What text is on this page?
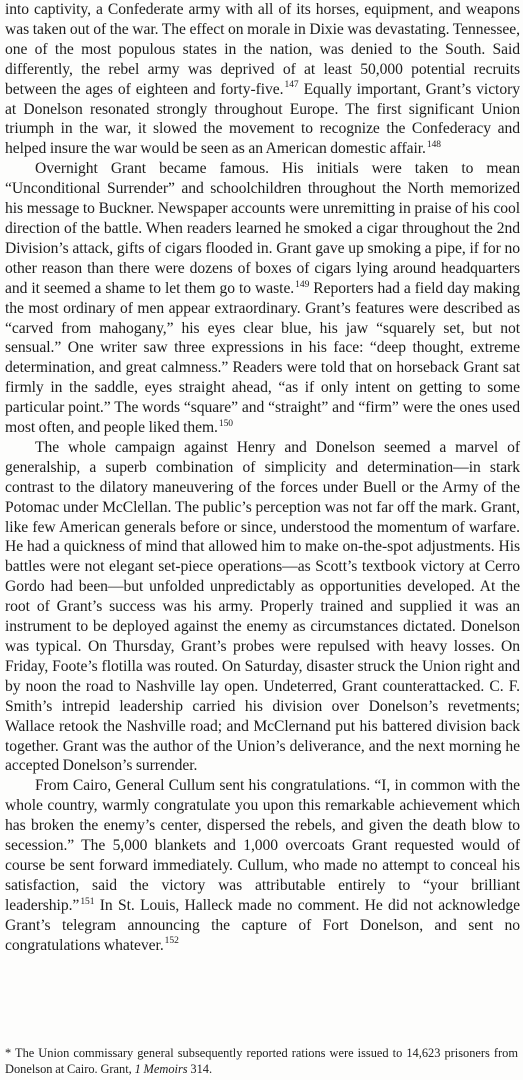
into captivity, a Confederate army with all of its horses, equipment, and weapons was taken out of the war. The effect on morale in Dixie was devastating. Tennessee, one of the most populous states in the nation, was denied to the South. Said differently, the rebel army was deprived of at least 50,000 potential recruits between the ages of eighteen and forty-five.$^{147}$ Equally important, Grant’s victory at Donelson resonated strongly throughout Europe. The first significant Union triumph in the war, it slowed the movement to recognize the Confederacy and helped insure the war would be seen as an American domestic affair.$^{148}$

Overnight Grant became famous. His initials were taken to mean “Unconditional Surrender” and schoolchildren throughout the North memorized his message to Buckner. Newspaper accounts were unremitting in praise of his cool direction of the battle. When readers learned he smoked a cigar throughout the 2nd Division’s attack, gifts of cigars flooded in. Grant gave up smoking a pipe, if for no other reason than there were dozens of boxes of cigars lying around headquarters and it seemed a shame to let them go to waste.$^{149}$ Reporters had a field day making the most ordinary of men appear extraordinary. Grant’s features were described as “carved from mahogany,” his eyes clear blue, his jaw “squarely set, but not sensual.” One writer saw three expressions in his face: “deep thought, extreme determination, and great calmness.” Readers were told that on horseback Grant sat firmly in the saddle, eyes straight ahead, “as if only intent on getting to some particular point.” The words “square” and “straight” and “firm” were the ones used most often, and people liked them.$^{150}$

The whole campaign against Henry and Donelson seemed a marvel of generalship, a superb combination of simplicity and determination—in stark contrast to the dilatory maneuvering of the forces under Buell or the Army of the Potomac under McClellan. The public’s perception was not far off the mark. Grant, like few American generals before or since, understood the momentum of warfare. He had a quickness of mind that allowed him to make on-the-spot adjustments. His battles were not elegant set-piece operations—as Scott’s textbook victory at Cerro Gordo had been—but unfolded unpredictably as opportunities developed. At the root of Grant’s success was his army. Properly trained and supplied it was an instrument to be deployed against the enemy as circumstances dictated. Donelson was typical. On Thursday, Grant’s probes were repulsed with heavy losses. On Friday, Foote’s flotilla was routed. On Saturday, disaster struck the Union right and by noon the road to Nashville lay open. Undeterred, Grant counterattacked. C. F. Smith’s intrepid leadership carried his division over Donelson’s revetments; Wallace retook the Nashville road; and McClernand put his battered division back together. Grant was the author of the Union’s deliverance, and the next morning he accepted Donelson’s surrender.

From Cairo, General Cullum sent his congratulations. “I, in common with the whole country, warmly congratulate you upon this remarkable achievement which has broken the enemy’s center, dispersed the rebels, and given the death blow to secession.” The 5,000 blankets and 1,000 overcoats Grant requested would of course be sent forward immediately. Cullum, who made no attempt to conceal his satisfaction, said the victory was attributable entirely to “your brilliant leadership.”$^{151}$ In St. Louis, Halleck made no comment. He did not acknowledge Grant’s telegram announcing the capture of Fort Donelson, and sent no congratulations whatever.$^{152}$

* The Union commissary general subsequently reported rations were issued to 14,623 prisoners from Donelson at Cairo. Grant, 1 Memoirs 314.
